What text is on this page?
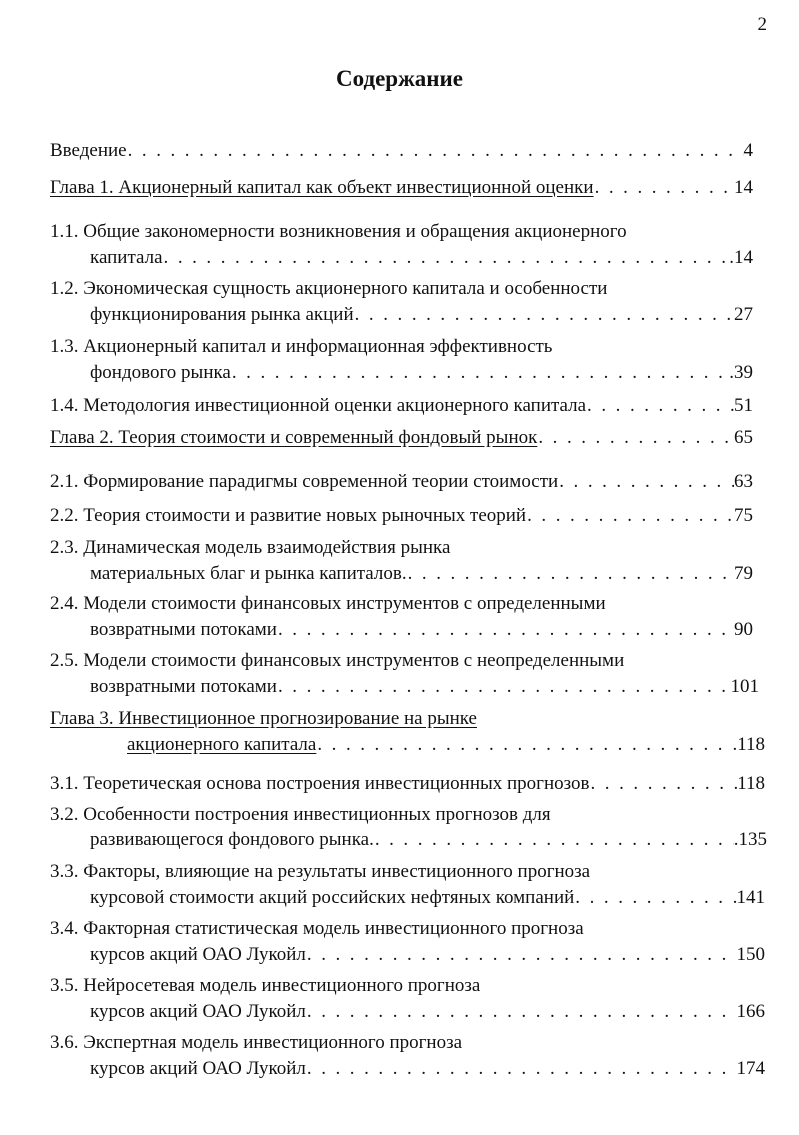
2
Содержание
Введение . . .	4
Глава 1. Акционерный капитал как объект инвестиционной оценки . . .	14
1.1. Общие закономерности возникновения и обращения акционерного
капитала . . .	.14
1.2. Экономическая сущность акционерного капитала и особенности
функционирования рынка акций . . .	27
1.3. Акционерный капитал и информационная эффективность
фондового рынка . . .	.39
1.4. Методология инвестиционной оценки акционерного капитала . . .	51
Глава 2. Теория стоимости и современный фондовый рынок . . .	65
2.1. Формирование парадигмы современной теории стоимости . . .	63
2.2. Теория стоимости и развитие новых рыночных теорий . . .	75
2.3. Динамическая модель взаимодействия рынка
материальных благ и рынка капиталов. . . .	79
2.4. Модели стоимости финансовых инструментов с определенными
возвратными потоками . . .	90
2.5. Модели стоимости финансовых инструментов с неопределенными
возвратными потоками . . .	101
Глава 3. Инвестиционное прогнозирование на рынке
акционерного капитала . . .	.118
3.1. Теоретическая основа построения инвестиционных прогнозов . . .	118
3.2. Особенности построения инвестиционных прогнозов для
развивающегося фондового рынка. . . .	.135
3.3. Факторы, влияющие на результаты инвестиционного прогноза
курсовой стоимости акций российских нефтяных компаний . . .	141
3.4. Факторная статистическая модель инвестиционного прогноза
курсов акций ОАО Лукойл . . .	150
3.5. Нейросетевая модель инвестиционного прогноза
курсов акций ОАО Лукойл . . .	166
3.6. Экспертная модель инвестиционного прогноза
курсов акций ОАО Лукойл . . .	174
